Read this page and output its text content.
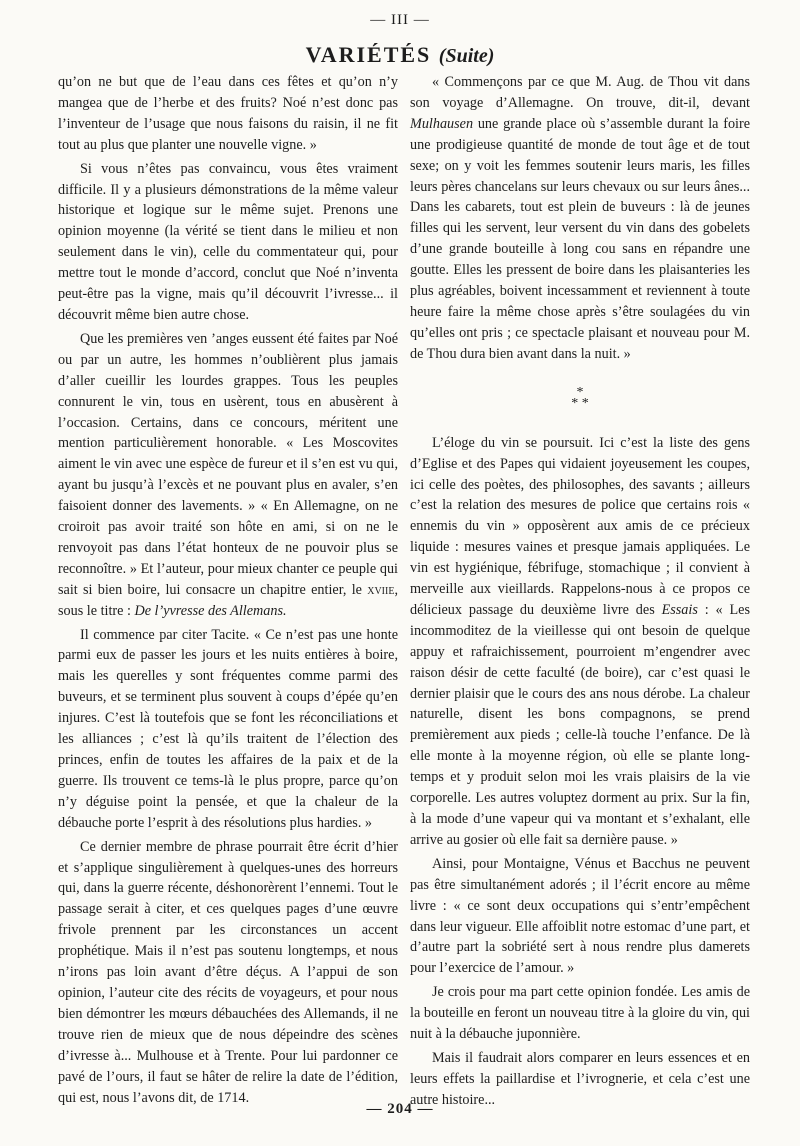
— III —
VARIÉTÉS (Suite)

qu’on ne but que de l’eau dans ces fêtes et qu’on n’y mangea que de l’herbe et des fruits? Noé n’est donc pas l’inventeur de l’usage que nous faisons du raisin, il ne fit tout au plus que planter une nouvelle vigne. »

Si vous n’êtes pas convaincu, vous êtes vraiment difficile. Il y a plusieurs démonstrations de la même valeur historique et logique sur le même sujet. Prenons une opinion moyenne (la vérité se tient dans le milieu et non seulement dans le vin), celle du commentateur qui, pour mettre tout le monde d’accord, conclut que Noé n’inventa peut-être pas la vigne, mais qu’il découvrit l’ivresse... il découvrit même bien autre chose.

Que les premières ven ’anges eussent été faites par Noé ou par un autre, les hommes n’oublièrent plus jamais d’aller cueillir les lourdes grappes. Tous les peuples connurent le vin, tous en usèrent, tous en abusèrent à l’occasion. Certains, dans ce concours, méritent une mention particulièrement honorable. « Les Moscovites aiment le vin avec une espèce de fureur et il s’en est vu qui, ayant bu jusqu’à l’excès et ne pouvant plus en avaler, s’en faisoient donner des lavements. » « En Allemagne, on ne croiroit pas avoir traité son hôte en ami, si on ne le renvoyoit pas dans l’état honteux de ne pouvoir plus se reconnoître. » Et l’auteur, pour mieux chanter ce peuple qui sait si bien boire, lui consacre un chapitre entier, le xviie, sous le titre : De l’yvresse des Allemans.

Il commence par citer Tacite. « Ce n’est pas une honte parmi eux de passer les jours et les nuits entières à boire, mais les querelles y sont fréquentes comme parmi des buveurs, et se terminent plus souvent à coups d’épée qu’en injures. C’est là toutefois que se font les réconciliations et les alliances ; c’est là qu’ils traitent de l’élection des princes, enfin de toutes les affaires de la paix et de la guerre. Ils trouvent ce tems-là le plus propre, parce qu’on n’y déguise point la pensée, et que la chaleur de la débauche porte l’esprit à des résolutions plus hardies. »

Ce dernier membre de phrase pourrait être écrit d’hier et s’applique singulièrement à quelques-unes des horreurs qui, dans la guerre récente, déshonorèrent l’ennemi. Tout le passage serait à citer, et ces quelques pages d’une œuvre frivole prennent par les circonstances un accent prophétique. Mais il n’est pas soutenu longtemps, et nous n’irons pas loin avant d’être déçus. A l’appui de son opinion, l’auteur cite des récits de voyageurs, et pour nous bien démontrer les mœurs débauchées des Allemands, il ne trouve rien de mieux que de nous dépeindre des scènes d’ivresse à... Mulhouse et à Trente. Pour lui pardonner ce pavé de l’ours, il faut se hâter de relire la date de l’édition, qui est, nous l’avons dit, de 1714.

« Commençons par ce que M. Aug. de Thou vit dans son voyage d’Allemagne. On trouve, dit-il, devant Mulhausen une grande place où s’assemble durant la foire une prodigieuse quantité de monde de tout âge et de tout sexe; on y voit les femmes soutenir leurs maris, les filles leurs pères chancelans sur leurs chevaux ou sur leurs ânes... Dans les cabarets, tout est plein de buveurs : là de jeunes filles qui les servent, leur versent du vin dans des gobelets d’une grande bouteille à long cou sans en répandre une goutte. Elles les pressent de boire dans les plaisanteries les plus agréables, boivent incessamment et reviennent à toute heure faire la même chose après s’être soulagées du vin qu’elles ont pris ; ce spectacle plaisant et nouveau pour M. de Thou dura bien avant dans la nuit. »

*
* *

L’éloge du vin se poursuit. Ici c’est la liste des gens d’Eglise et des Papes qui vidaient joyeusement les coupes, ici celle des poètes, des philosophes, des savants ; ailleurs c’est la relation des mesures de police que certains rois « ennemis du vin » opposèrent aux amis de ce précieux liquide : mesures vaines et presque jamais appliquées. Le vin est hygiénique, fébrifuge, stomachique ; il convient à merveille aux vieillards. Rappelons-nous à ce propos ce délicieux passage du deuxième livre des Essais : « Les incommoditez de la vieillesse qui ont besoin de quelque appuy et rafraichissement, pourroient m’engendrer avec raison désir de cette faculté (de boire), car c’est quasi le dernier plaisir que le cours des ans nous dérobe. La chaleur naturelle, disent les bons compagnons, se prend premièrement aux pieds ; celle-là touche l’enfance. De là elle monte à la moyenne région, où elle se plante long-temps et y produit selon moi les vrais plaisirs de la vie corporelle. Les autres voluptez dorment au prix. Sur la fin, à la mode d’une vapeur qui va montant et s’exhalant, elle arrive au gosier où elle fait sa dernière pause. »

Ainsi, pour Montaigne, Vénus et Bacchus ne peuvent pas être simultanément adorés ; il l’écrit encore au même livre : « ce sont deux occupations qui s’entr’empêchent dans leur vigueur. Elle affoiblit notre estomac d’une part, et d’autre part la sobriété sert à nous rendre plus damerets pour l’exercice de l’amour. »

Je crois pour ma part cette opinion fondée. Les amis de la bouteille en feront un nouveau titre à la gloire du vin, qui nuit à la débauche juponnière.

Mais il faudrait alors comparer en leurs essences et en leurs effets la paillardise et l’ivrognerie, et cela c’est une autre histoire...

— 204 —
